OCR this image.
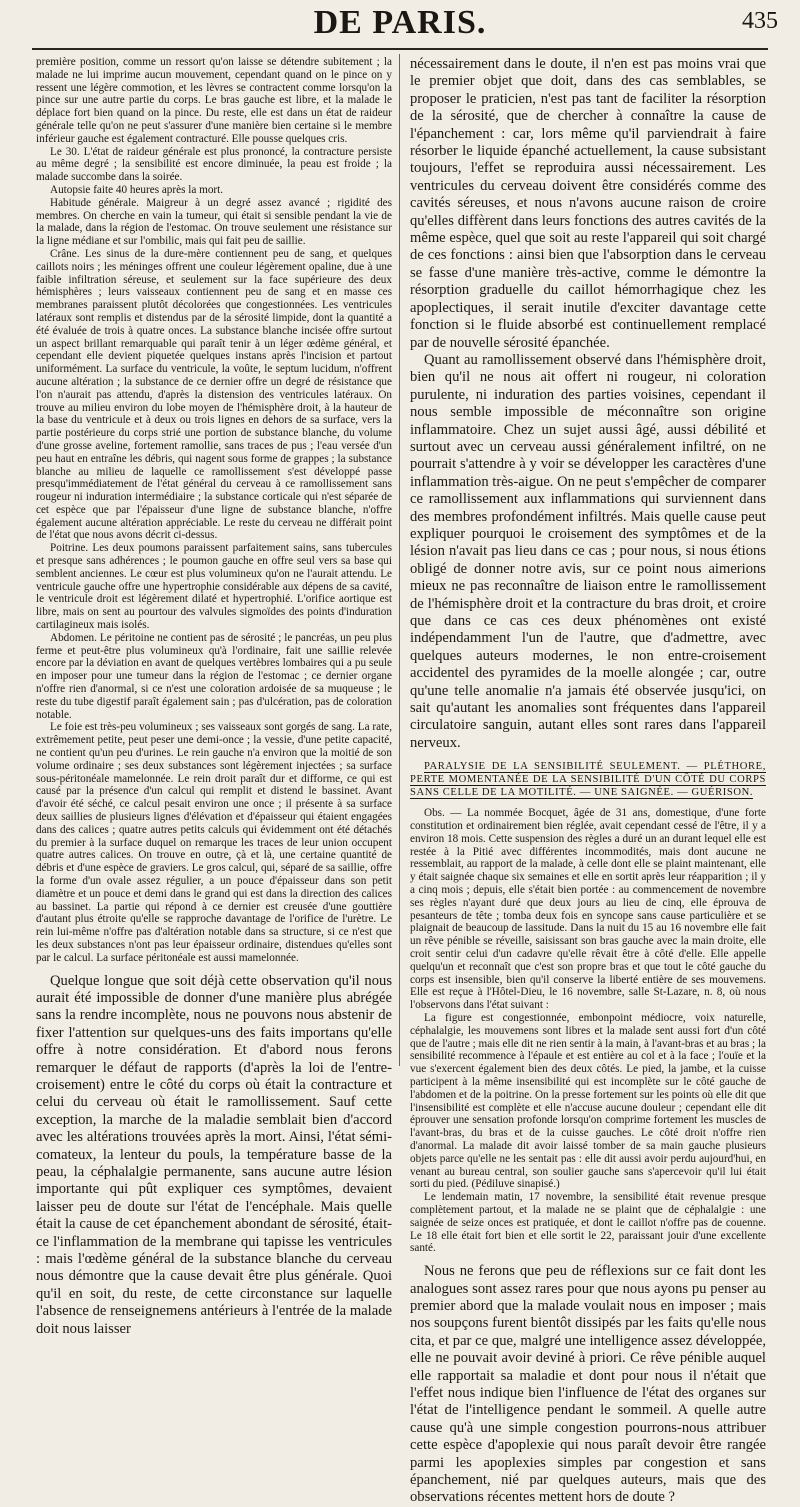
DE PARIS.	435

première position, comme un ressort qu'on laisse se détendre subitement ; la malade ne lui imprime aucun mouvement, cependant quand on le pince on y ressent une légère commotion, et les lèvres se contractent comme lorsqu'on la pince sur une autre partie du corps. Le bras gauche est libre, et la malade le déplace fort bien quand on la pince. Du reste, elle est dans un état de raideur générale telle qu'on ne peut s'assurer d'une manière bien certaine si le membre inférieur gauche est également contracturé. Elle pousse quelques cris.

Le 30. L'état de raideur générale est plus prononcé, la contracture persiste au même degré ; la sensibilité est encore diminuée, la peau est froide ; la malade succombe dans la soirée.

Autopsie faite 40 heures après la mort.

Habitude générale. Maigreur à un degré assez avancé ; rigidité des membres. On cherche en vain la tumeur, qui était si sensible pendant la vie de la malade, dans la région de l'estomac. On trouve seulement une résistance sur la ligne médiane et sur l'ombilic, mais qui fait peu de saillie.

Crâne. Les sinus de la dure-mère contiennent peu de sang, et quelques caillots noirs ; les méninges offrent une couleur légèrement opaline, due à une faible infiltration séreuse, et seulement sur la face supérieure des deux hémisphères ; leurs vaisseaux contiennent peu de sang et en masse ces membranes paraissent plutôt décolorées que congestionnées. Les ventricules latéraux sont remplis et distendus par de la sérosité limpide, dont la quantité a été évaluée de trois à quatre onces. La substance blanche incisée offre surtout un aspect brillant remarquable qui paraît tenir à un léger œdème général, et cependant elle devient piquetée quelques instans après l'incision et partout uniformément. La surface du ventricule, la voûte, le septum lucidum, n'offrent aucune altération ; la substance de ce dernier offre un degré de résistance que l'on n'aurait pas attendu, d'après la distension des ventricules latéraux. On trouve au milieu environ du lobe moyen de l'hémisphère droit, à la hauteur de la base du ventricule et à deux ou trois lignes en dehors de sa surface, vers la partie postérieure du corps strié une portion de substance blanche, du volume d'une grosse aveline, fortement ramollie, sans traces de pus ; l'eau versée d'un peu haut en entraîne les débris, qui nagent sous forme de grappes ; la substance blanche au milieu de laquelle ce ramollissement s'est développé passe presqu'immédiatement de l'état général du cerveau à ce ramollissement sans rougeur ni induration intermédiaire ; la substance corticale qui n'est séparée de cet espèce que par l'épaisseur d'une ligne de substance blanche, n'offre également aucune altération appréciable. Le reste du cerveau ne différait point de l'état que nous avons décrit ci-dessus.

Poitrine. Les deux poumons paraissent parfaitement sains, sans tubercules et presque sans adhérences ; le poumon gauche en offre seul vers sa base qui semblent anciennes. Le cœur est plus volumineux qu'on ne l'aurait attendu. Le ventricule gauche offre une hypertrophie considérable aux dépens de sa cavité, le ventricule droit est légèrement dilaté et hypertrophié. L'orifice aortique est libre, mais on sent au pourtour des valvules sigmoïdes des points d'induration cartilagineux mais isolés.

Abdomen. Le péritoine ne contient pas de sérosité ; le pancréas, un peu plus ferme et peut-être plus volumineux qu'à l'ordinaire, fait une saillie relevée encore par la déviation en avant de quelques vertèbres lombaires qui a pu seule en imposer pour une tumeur dans la région de l'estomac ; ce dernier organe n'offre rien d'anormal, si ce n'est une coloration ardoisée de sa muqueuse ; le reste du tube digestif paraît également sain ; pas d'ulcération, pas de coloration notable.

Le foie est très-peu volumineux ; ses vaisseaux sont gorgés de sang. La rate, extrêmement petite, peut peser une demi-once ; la vessie, d'une petite capacité, ne contient qu'un peu d'urines. Le rein gauche n'a environ que la moitié de son volume ordinaire ; ses deux substances sont légèrement injectées ; sa surface sous-péritonéale mamelonnée. Le rein droit paraît dur et difforme, ce qui est causé par la présence d'un calcul qui remplit et distend le bassinet. Avant d'avoir été séché, ce calcul pesait environ une once ; il présente à sa surface deux saillies de plusieurs lignes d'élévation et d'épaisseur qui étaient engagées dans des calices ; quatre autres petits calculs qui évidemment ont été détachés du premier à la surface duquel on remarque les traces de leur union occupent quatre autres calices. On trouve en outre, çà et là, une certaine quantité de débris et d'une espèce de graviers. Le gros calcul, qui, séparé de sa saillie, offre la forme d'un ovale assez régulier, a un pouce d'épaisseur dans son petit diamètre et un pouce et demi dans le grand qui est dans la direction des calices au bassinet. La partie qui répond à ce dernier est creusée d'une gouttière d'autant plus étroite qu'elle se rapproche davantage de l'orifice de l'urètre. Le rein lui-même n'offre pas d'altération notable dans sa structure, si ce n'est que les deux substances n'ont pas leur épaisseur ordinaire, distendues qu'elles sont par le calcul. La surface péritonéale est aussi mamelonnée.

Quelque longue que soit déjà cette observation qu'il nous aurait été impossible de donner d'une manière plus abrégée sans la rendre incomplète, nous ne pouvons nous abstenir de fixer l'attention sur quelques-uns des faits importans qu'elle offre à notre considération. Et d'abord nous ferons remarquer le défaut de rapports (d'après la loi de l'entre-croisement) entre le côté du corps où était la contracture et celui du cerveau où était le ramollissement. Sauf cette exception, la marche de la maladie semblait bien d'accord avec les altérations trouvées après la mort. Ainsi, l'état sémi-comateux, la lenteur du pouls, la température basse de la peau, la céphalalgie permanente, sans aucune autre lésion importante qui pût expliquer ces symptômes, devaient laisser peu de doute sur l'état de l'encéphale. Mais quelle était la cause de cet épanchement abondant de sérosité, était-ce l'inflammation de la membrane qui tapisse les ventricules : mais l'œdème général de la substance blanche du cerveau nous démontre que la cause devait être plus générale. Quoi qu'il en soit, du reste, de cette circonstance sur laquelle l'absence de renseignemens antérieurs à l'entrée de la malade doit nous laisser

nécessairement dans le doute, il n'en est pas moins vrai que le premier objet que doit, dans des cas semblables, se proposer le praticien, n'est pas tant de faciliter la résorption de la sérosité, que de chercher à connaître la cause de l'épanchement : car, lors même qu'il parviendrait à faire résorber le liquide épanché actuellement, la cause subsistant toujours, l'effet se reproduira aussi nécessairement. Les ventricules du cerveau doivent être considérés comme des cavités séreuses, et nous n'avons aucune raison de croire qu'elles diffèrent dans leurs fonctions des autres cavités de la même espèce, quel que soit au reste l'appareil qui soit chargé de ces fonctions : ainsi bien que l'absorption dans le cerveau se fasse d'une manière très-active, comme le démontre la résorption graduelle du caillot hémorrhagique chez les apoplectiques, il serait inutile d'exciter davantage cette fonction si le fluide absorbé est continuellement remplacé par de nouvelle sérosité épanchée.

Quant au ramollissement observé dans l'hémisphère droit, bien qu'il ne nous ait offert ni rougeur, ni coloration purulente, ni induration des parties voisines, cependant il nous semble impossible de méconnaître son origine inflammatoire. Chez un sujet aussi âgé, aussi débilité et surtout avec un cerveau aussi généralement infiltré, on ne pourrait s'attendre à y voir se développer les caractères d'une inflammation très-aigue. On ne peut s'empêcher de comparer ce ramollissement aux inflammations qui surviennent dans des membres profondément infiltrés. Mais quelle cause peut expliquer pourquoi le croisement des symptômes et de la lésion n'avait pas lieu dans ce cas ; pour nous, si nous étions obligé de donner notre avis, sur ce point nous aimerions mieux ne pas reconnaître de liaison entre le ramollissement de l'hémisphère droit et la contracture du bras droit, et croire que dans ce cas ces deux phénomènes ont existé indépendamment l'un de l'autre, que d'admettre, avec quelques auteurs modernes, le non entre-croisement accidentel des pyramides de la moelle alongée ; car, outre qu'une telle anomalie n'a jamais été observée jusqu'ici, on sait qu'autant les anomalies sont fréquentes dans l'appareil circulatoire sanguin, autant elles sont rares dans l'appareil nerveux.

PARALYSIE DE LA SENSIBILITÉ SEULEMENT. — PLÉTHORE, PERTE MOMENTANÉE DE LA SENSIBILITÉ D'UN CÔTÉ DU CORPS SANS CELLE DE LA MOTILITÉ. — UNE SAIGNÉE. — GUÉRISON.

Obs. — La nommée Bocquet, âgée de 31 ans, domestique, d'une forte constitution et ordinairement bien réglée, avait cependant cessé de l'être, il y a environ 18 mois. Cette suspension des règles a duré un an durant lequel elle est restée à la Pitié avec différentes incommodités, mais dont aucune ne ressemblait, au rapport de la malade, à celle dont elle se plaint maintenant, elle y était saignée chaque six semaines et elle en sortit après leur réapparition ; il y a cinq mois ; depuis, elle s'était bien portée : au commencement de novembre ses règles n'ayant duré que deux jours au lieu de cinq, elle éprouva de pesanteurs de tête ; tomba deux fois en syncope sans cause particulière et se plaignait de beaucoup de lassitude. Dans la nuit du 15 au 16 novembre elle fait un rêve pénible se réveille, saisissant son bras gauche avec la main droite, elle croit sentir celui d'un cadavre qu'elle rêvait être à côté d'elle. Elle appelle quelqu'un et reconnaît que c'est son propre bras et que tout le côté gauche du corps est insensible, bien qu'il conserve la liberté entière de ses mouvemens. Elle est reçue à l'Hôtel-Dieu, le 16 novembre, salle St-Lazare, n. 8, où nous l'observons dans l'état suivant :

La figure est congestionnée, embonpoint médiocre, voix naturelle, céphalalgie, les mouvemens sont libres et la malade sent aussi fort d'un côté que de l'autre ; mais elle dit ne rien sentir à la main, à l'avant-bras et au bras ; la sensibilité recommence à l'épaule et est entière au col et à la face ; l'ouïe et la vue s'exercent également bien des deux côtés. Le pied, la jambe, et la cuisse participent à la même insensibilité qui est incomplète sur le côté gauche de l'abdomen et de la poitrine. On la presse fortement sur les points où elle dit que l'insensibilité est complète et elle n'accuse aucune douleur ; cependant elle dit éprouver une sensation profonde lorsqu'on comprime fortement les muscles de l'avant-bras, du bras et de la cuisse gauches. Le côté droit n'offre rien d'anormal. La malade dit avoir laissé tomber de sa main gauche plusieurs objets parce qu'elle ne les sentait pas : elle dit aussi avoir perdu aujourd'hui, en venant au bureau central, son soulier gauche sans s'apercevoir qu'il lui était sorti du pied. (Pédiluve sinapisé.)

Le lendemain matin, 17 novembre, la sensibilité était revenue presque complètement partout, et la malade ne se plaint que de céphalalgie : une saignée de seize onces est pratiquée, et dont le caillot n'offre pas de couenne. Le 18 elle était fort bien et elle sortit le 22, paraissant jouir d'une excellente santé.

Nous ne ferons que peu de réflexions sur ce fait dont les analogues sont assez rares pour que nous ayons pu penser au premier abord que la malade voulait nous en imposer ; mais nos soupçons furent bientôt dissipés par les faits qu'elle nous cita, et par ce que, malgré une intelligence assez développée, elle ne pouvait avoir deviné à priori. Ce rêve pénible auquel elle rapportait sa maladie et dont pour nous il n'était que l'effet nous indique bien l'influence de l'état des organes sur l'état de l'intelligence pendant le sommeil. A quelle autre cause qu'à une simple congestion pourrons-nous attribuer cette espèce d'apoplexie qui nous paraît devoir être rangée parmi les apoplexies simples par congestion et sans épanchement, nié par quelques auteurs, mais que des observations récentes mettent hors de doute ?
